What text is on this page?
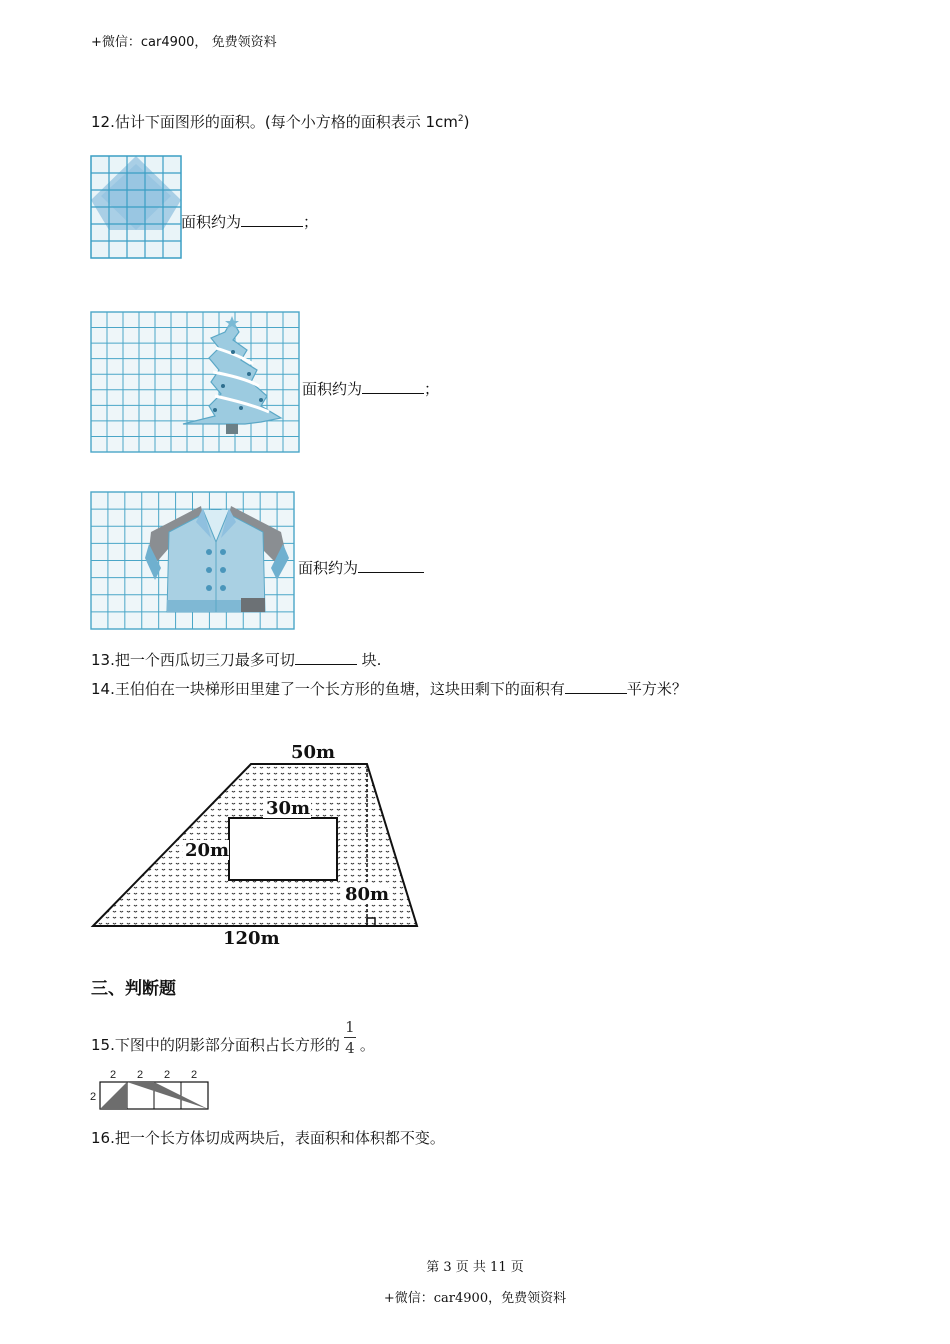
+微信：car4900， 免费领资料
12.估计下面图形的面积。(每个小方格的面积表示 $1cm^2$)
面积约为	；
面积约为	；
面积约为
13.把一个西瓜切三刀最多可切	块.
14.王伯伯在一块梯形田里建了一个长方形的鱼塘，这块田剩下的面积有	平方米？
50m
30m
20m
80m
120m
三、判断题
15.下图中的阴影部分面积占长方形的 $\frac{1}{4}$ 。
2 2 2 2
2
16.把一个长方体切成两块后，表面积和体积都不变。
第 3 页 共 11 页
+微信：car4900，免费领资料
